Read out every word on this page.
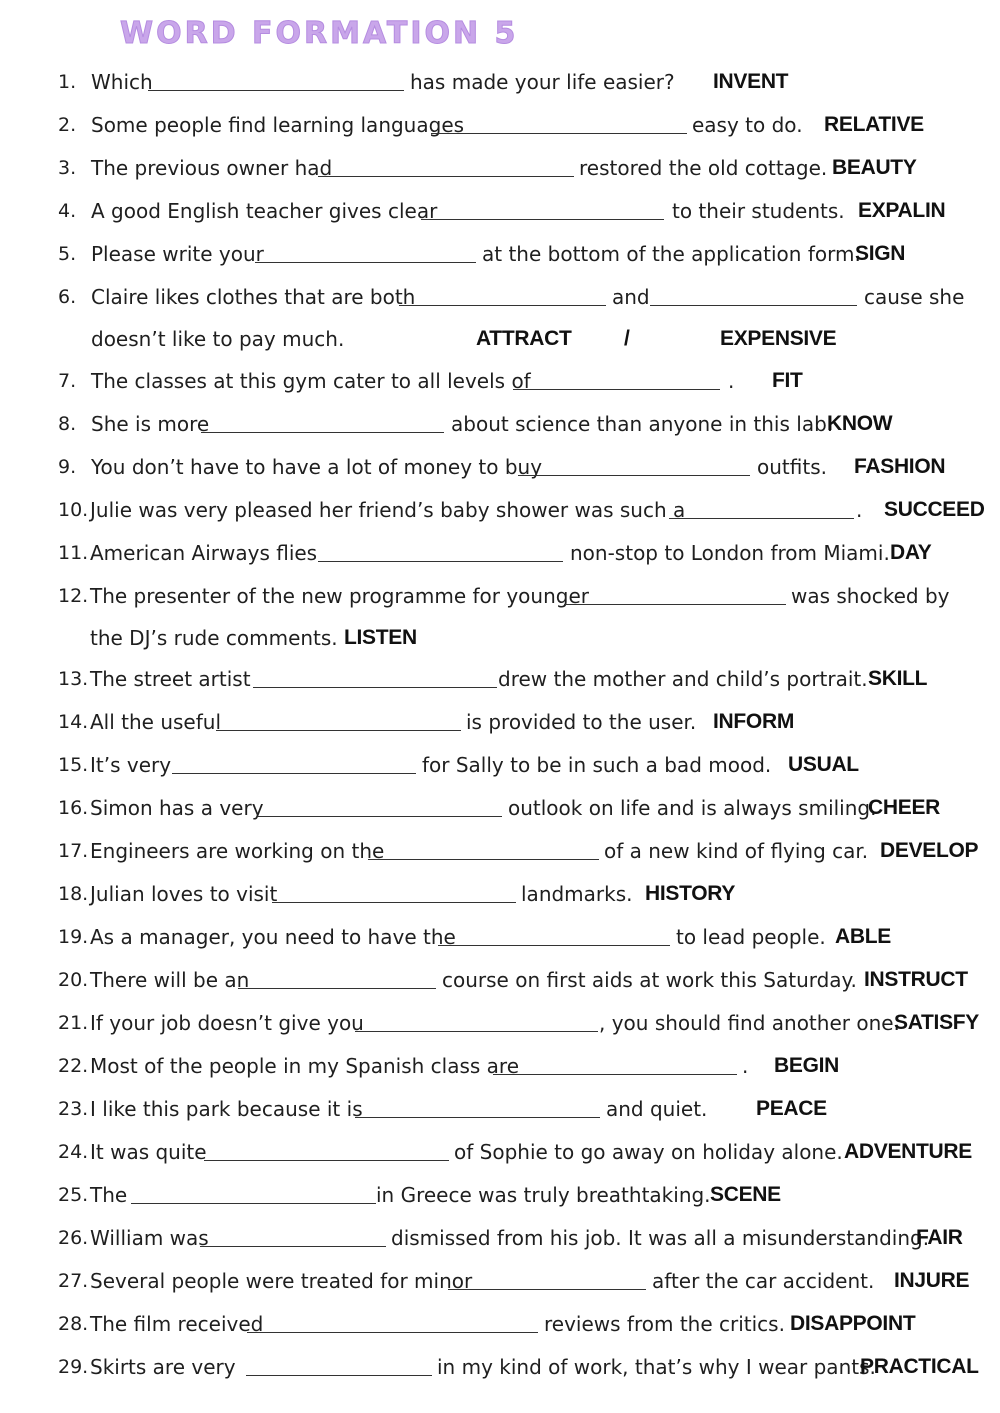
WORD FORMATION 5
1. Which	has made your life easier? INVENT
2. Some people find learning languages	easy to do. RELATIVE
3. The previous owner had	restored the old cottage. BEAUTY
4. A good English teacher gives clear	to their students. EXPALIN
5. Please write your	at the bottom of the application form.
SIGN
6. Claire likes clothes that are both	and	cause she
doesn’t like to pay much.	ATTRACT	/	EXPENSIVE
7. The classes at this gym cater to all levels of	. FIT
8. She is more	about science than anyone in this lab.
KNOW
9. You don’t have to have a lot of money to buy	outfits. FASHION
10. Julie was very pleased her friend’s baby shower was such a	. SUCCEED
11. American Airways flies	non-stop to London from Miami. DAY
12. The presenter of the new programme for younger	was shocked by
the DJ’s rude comments. LISTEN
13. The street artist	drew the mother and child’s portrait. SKILL
14. All the useful	is provided to the user. INFORM
15. It’s very	for Sally to be in such a bad mood. USUAL
16. Simon has a very	outlook on life and is always smiling.
CHEER
17. Engineers are working on the	of a new kind of flying car. DEVELOP
18. Julian loves to visit	landmarks. HISTORY
19. As a manager, you need to have the	to lead people. ABLE
20. There will be an	course on first aids at work this Saturday. INSTRUCT
21. If your job doesn’t give you	, you should find another one.
SATISFY
22. Most of the people in my Spanish class are	. BEGIN
23. I like this park because it is	and quiet. PEACE
24. It was quite	of Sophie to go away on holiday alone. ADVENTURE
25. The	in Greece was truly breathtaking. SCENE
26. William was	dismissed from his job. It was all a misunderstanding.
FAIR
27. Several people were treated for minor	after the car accident. INJURE
28. The film received	reviews from the critics. DISAPPOINT
29. Skirts are very	in my kind of work, that’s why I wear pants.
PRACTICAL
